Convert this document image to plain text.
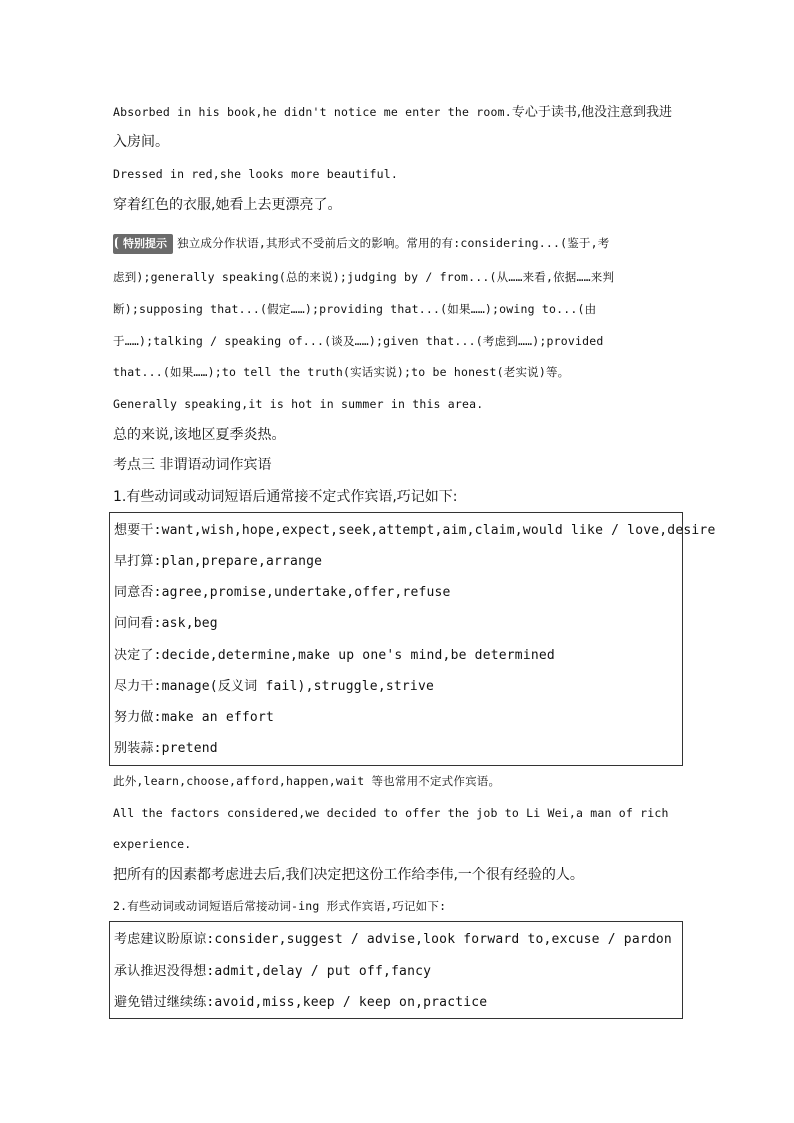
Absorbed in his book,he didn't notice me enter the room.专心于读书,他没注意到我进
入房间。
Dressed in red,she looks more beautiful.
穿着红色的衣服,她看上去更漂亮了。
特别提示 独立成分作状语,其形式不受前后文的影响。常用的有:considering...(鉴于,考
虑到);generally speaking(总的来说);judging by / from...(从……来看,依据……来判
断);supposing that...(假定……);providing that...(如果……);owing to...(由
于……);talking / speaking of...(谈及……);given that...(考虑到……);provided
that...(如果……);to tell the truth(实话实说);to be honest(老实说)等。
Generally speaking,it is hot in summer in this area.
总的来说,该地区夏季炎热。
考点三 非谓语动词作宾语
1.有些动词或动词短语后通常接不定式作宾语,巧记如下:
想要干:want,wish,hope,expect,seek,attempt,aim,claim,would like / love,desire
早打算:plan,prepare,arrange
同意否:agree,promise,undertake,offer,refuse
问问看:ask,beg
决定了:decide,determine,make up one's mind,be determined
尽力干:manage(反义词 fail),struggle,strive
努力做:make an effort
别装蒜:pretend
此外,learn,choose,afford,happen,wait 等也常用不定式作宾语。
All the factors considered,we decided to offer the job to Li Wei,a man of rich
experience.
把所有的因素都考虑进去后,我们决定把这份工作给李伟,一个很有经验的人。
2.有些动词或动词短语后常接动词-ing 形式作宾语,巧记如下:
考虑建议盼原谅:consider,suggest / advise,look forward to,excuse / pardon
承认推迟没得想:admit,delay / put off,fancy
避免错过继续练:avoid,miss,keep / keep on,practice
